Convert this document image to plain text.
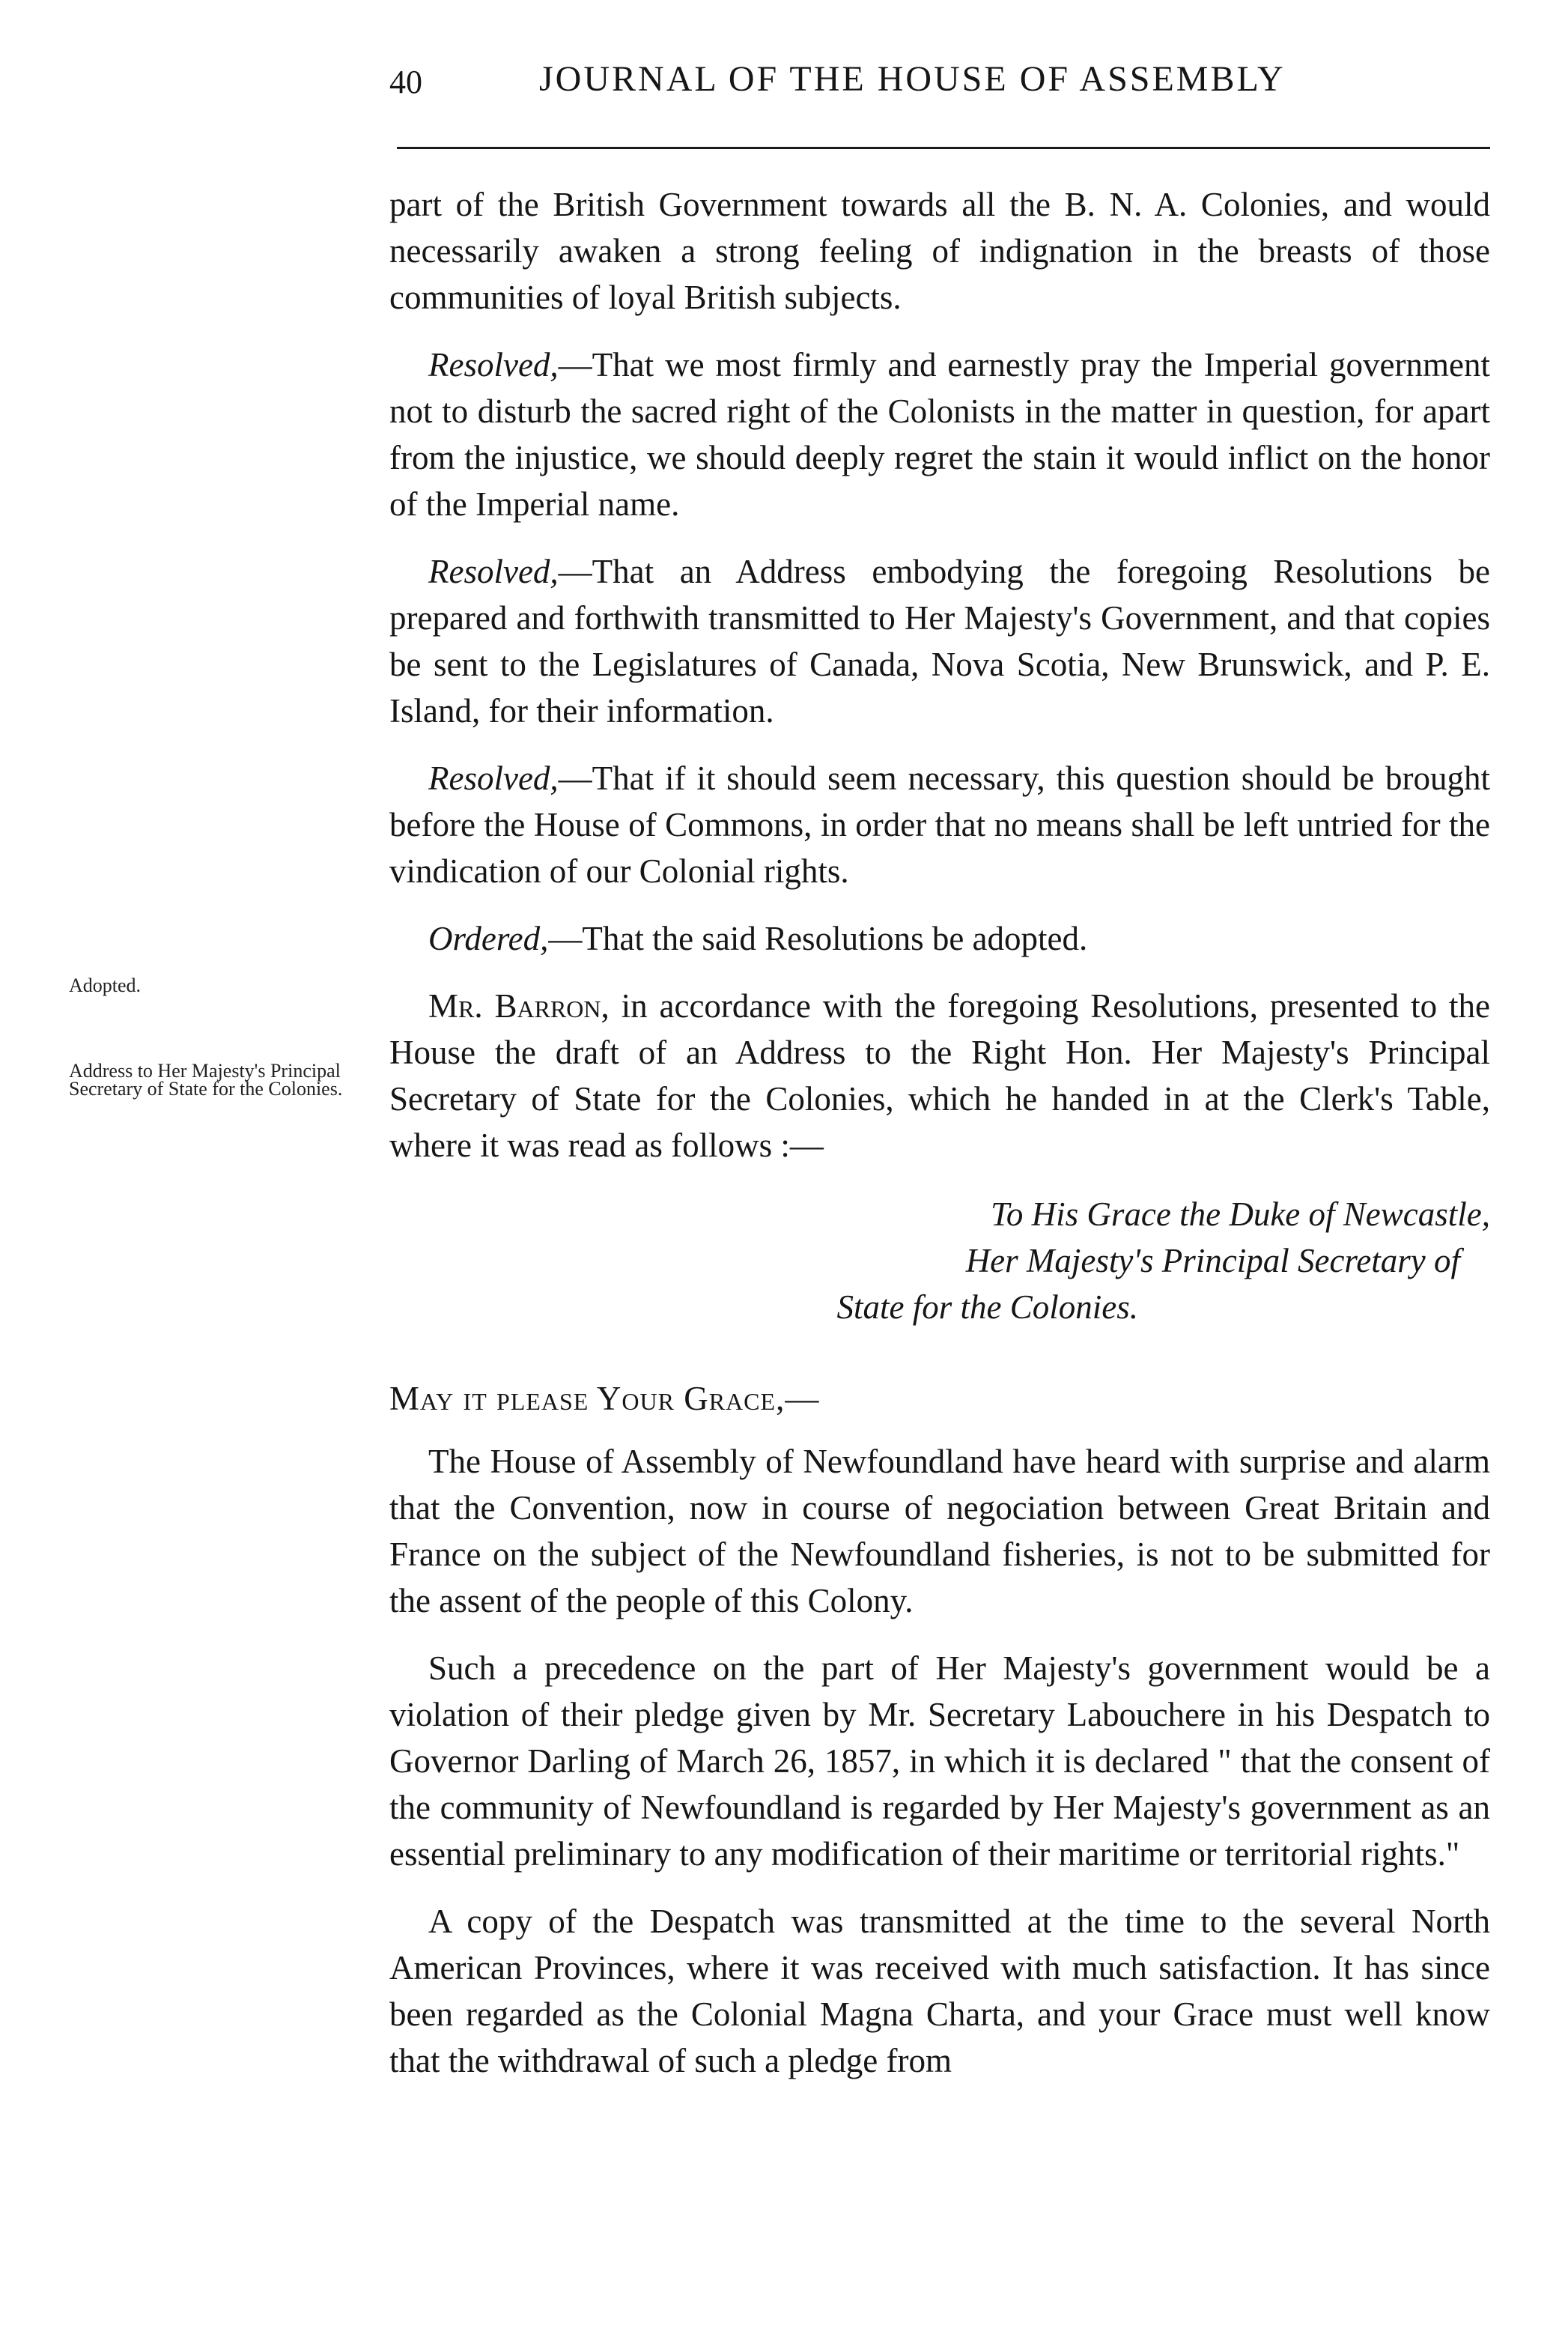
40	JOURNAL OF THE HOUSE OF ASSEMBLY
Adopted.
Address to Her Majesty's Principal Secretary of State for the Colonies.

part of the British Government towards all the B. N. A. Colonies, and would necessarily awaken a strong feeling of indignation in the breasts of those communities of loyal British subjects.

Resolved,—That we most firmly and earnestly pray the Imperial government not to disturb the sacred right of the Colonists in the matter in question, for apart from the injustice, we should deeply regret the stain it would inflict on the honor of the Imperial name.

Resolved,—That an Address embodying the foregoing Resolutions be prepared and forthwith transmitted to Her Majesty's Government, and that copies be sent to the Legislatures of Canada, Nova Scotia, New Brunswick, and P. E. Island, for their information.

Resolved,—That if it should seem necessary, this question should be brought before the House of Commons, in order that no means shall be left untried for the vindication of our Colonial rights.

Ordered,—That the said Resolutions be adopted.

Mr. Barron, in accordance with the foregoing Resolutions, presented to the House the draft of an Address to the Right Hon. Her Majesty's Principal Secretary of State for the Colonies, which he handed in at the Clerk's Table, where it was read as follows :—

To His Grace the Duke of Newcastle,
Her Majesty's Principal Secretary of
State for the Colonies.
May it please Your Grace,—

The House of Assembly of Newfoundland have heard with surprise and alarm that the Convention, now in course of negociation between Great Britain and France on the subject of the Newfoundland fisheries, is not to be submitted for the assent of the people of this Colony.

Such a precedence on the part of Her Majesty's government would be a violation of their pledge given by Mr. Secretary Labouchere in his Despatch to Governor Darling of March 26, 1857, in which it is declared " that the consent of the community of Newfoundland is regarded by Her Majesty's government as an essential preliminary to any modification of their maritime or territorial rights."

A copy of the Despatch was transmitted at the time to the several North American Provinces, where it was received with much satisfaction. It has since been regarded as the Colonial Magna Charta, and your Grace must well know that the withdrawal of such a pledge from
